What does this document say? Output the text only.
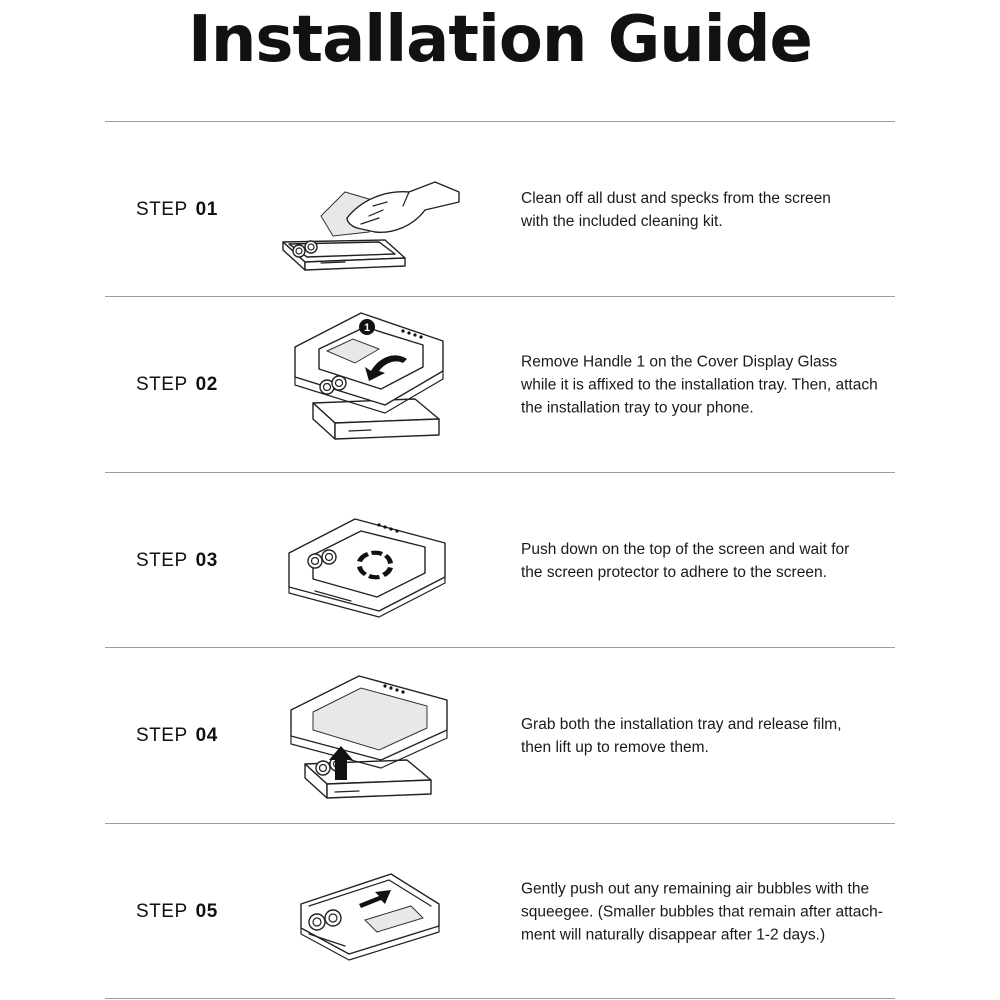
Installation Guide
STEP 01
Clean off all dust and specks from the screen
with the included cleaning kit.
STEP 02
1
Remove Handle 1 on the Cover Display Glass
while it is affixed to the installation tray. Then, attach
the installation tray to your phone.
STEP 03
Push down on the top of the screen and wait for
the screen protector to adhere to the screen.
STEP 04
Grab both the installation tray and release film,
then lift up to remove them.
STEP 05
Gently push out any remaining air bubbles with the
squeegee. (Smaller bubbles that remain after attach-
ment will naturally disappear after 1-2 days.)
